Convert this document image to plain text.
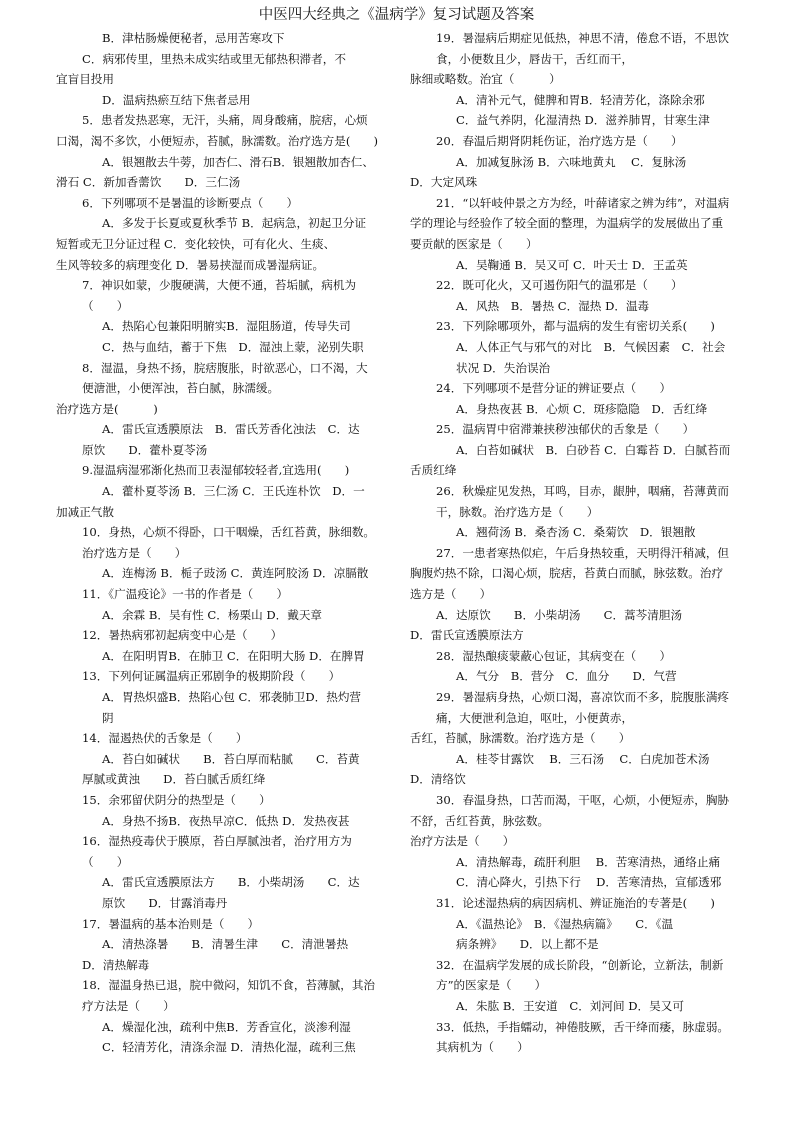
中医四大经典之《温病学》复习试题及答案
B．津枯肠燥便秘者，忌用苦寒攻下
C．病邪传里，里热未成实结或里无郁热积滞者，不
宜盲目投用
D．温病热瘀互结下焦者忌用
5．患者发热恶寒，无汗，头痛，周身酸痛，脘痞，心烦
口渴，渴不多饮，小便短赤，苔腻，脉濡数。治疗选方是(　　)
A．银翘散去牛蒡，加杏仁、滑石B．银翘散加杏仁、
滑石 C．新加香薷饮　　D．三仁汤
6．下列哪项不是暑温的诊断要点（　　）
A．多发于长夏或夏秋季节 B．起病急，初起卫分证
短暂或无卫分证过程 C．变化较快，可有化火、生痰、
生风等较多的病理变化 D．暑易挟湿而成暑湿病证。
7．神识如蒙，少腹硬满，大便不通，苔垢腻，病机为
（　　）
A．热陷心包兼阳明腑实B．湿阻肠道，传导失司
C．热与血结，蓄于下焦　D．湿浊上蒙，泌别失职
8．湿温，身热不扬，脘痞腹胀，时欲恶心，口不渴，大
便溏泄，小便浑浊，苔白腻，脉濡缓。
治疗选方是(　　　)
A．雷氏宣透膜原法　B．雷氏芳香化浊法　C．达
原饮　　D．藿朴夏苓汤
9.湿温病湿邪渐化热而卫表湿郁较轻者,宜选用(　　)
A．藿朴夏苓汤 B．三仁汤 C．王氏连朴饮　D．一
加减正气散
10．身热，心烦不得卧，口干咽燥，舌红苔黄，脉细数。
治疗选方是（　　）
A．连梅汤 B．栀子豉汤 C．黄连阿胶汤 D．凉膈散
11．《广温疫论》一书的作者是（　　）
A．余霖 B．吴有性 C．杨栗山 D．戴天章
12．暑热病邪初起病变中心是（　　）
A．在阳明胃B．在肺卫 C．在阳明大肠 D．在脾胃
13．下列何证属温病正邪剧争的极期阶段（　　）
A．胃热炽盛B．热陷心包 C．邪袭肺卫D．热灼营
阴
14．湿遏热伏的舌象是（　　）
A．苔白如碱状　　B．苔白厚而粘腻　　C．苔黄
厚腻或黄浊　　D．苔白腻舌质红绛
15．余邪留伏阴分的热型是（　　）
A．身热不扬B．夜热早凉C．低热 D．发热夜甚
16．湿热疫毒伏于膜原，苔白厚腻浊者，治疗用方为
（　　）
A．雷氏宣透膜原法方　　B．小柴胡汤　　C．达
原饮　　D．甘露消毒丹
17．暑温病的基本治则是（　　）
A．清热涤暑　　B．清暑生津　　C．清泄暑热
D．清热解毒
18．湿温身热已退，脘中微闷，知饥不食，苔薄腻，其治
疗方法是（　　）
A．燥湿化浊，疏利中焦B．芳香宣化，淡渗利湿
C．轻清芳化，清涤余湿 D．清热化湿，疏利三焦
19．暑湿病后期症见低热，神思不清，倦怠不语，不思饮
食，小便数且少，唇齿干，舌红而干，
脉细或略数。治宜（　　　）
A．清补元气，健脾和胃B．轻清芳化，涤除余邪
C．益气养阴，化湿清热 D．滋养肺胃，甘寒生津
20．春温后期肾阴耗伤证，治疗选方是（　　）
A．加减复脉汤 B．六味地黄丸　 C．复脉汤
D．大定风珠
21．“以轩岐仲景之方为经，叶薛诸家之辨为纬”，对温病
学的理论与经验作了较全面的整理，为温病学的发展做出了重
要贡献的医家是（　　）
A．吴鞠通 B．吴又可 C．叶天士 D．王孟英
22．既可化火，又可遏伤阳气的温邪是（　　）
A．风热　B．暑热 C．湿热 D．温毒
23．下列除哪项外，都与温病的发生有密切关系(　　)
A．人体正气与邪气的对比　B．气候因素　C．社会
状况 D．失治误治
24．下列哪项不是营分证的辨证要点（　　）
A．身热夜甚 B．心烦 C．斑疹隐隐　D．舌红绛
25．温病胃中宿滞兼挟秽浊郁伏的舌象是（　　）
A．白苔如碱状　B．白砂苔 C．白霉苔 D．白腻苔而
舌质红绛
26．秋燥症见发热，耳鸣，目赤，龈肿，咽痛，苔薄黄而
干，脉数。治疗选方是（　　）
A．翘荷汤 B．桑杏汤 C．桑菊饮　D．银翘散
27．一患者寒热似疟，午后身热较重，天明得汗稍减，但
胸腹灼热不除，口渴心烦，脘痞，苔黄白而腻，脉弦数。治疗
选方是（　　）
A．达原饮　　B．小柴胡汤　　C．蒿芩清胆汤
D．雷氏宣透膜原法方
28．湿热酿痰蒙蔽心包证，其病变在（　　）
A．气分　B．营分　C．血分　　D．气营
29．暑湿病身热，心烦口渴，喜凉饮而不多，脘腹胀满疼
痛，大便泄利急迫，呕吐，小便黄赤，
舌红，苔腻，脉濡数。治疗选方是（　　）
A．桂苓甘露饮　 B．三石汤　 C．白虎加苍术汤
D．清络饮
30．春温身热，口苦而渴，干呕，心烦，小便短赤，胸胁
不舒，舌红苔黄，脉弦数。
治疗方法是（　　）
A．清热解毒，疏肝利胆　 B．苦寒清热，通络止痛
C．清心降火，引热下行　 D．苦寒清热，宣郁透邪
31．论述湿热病的病因病机、辨证施治的专著是(　　)
A．《温热论》　B．《湿热病篇》　　C．《温
病条辨》　　D．以上都不是
32．在温病学发展的成长阶段，“创新论，立新法，制新
方”的医家是（　　）
A．朱肱 B．王安道　C．刘河间 D．吴又可
33．低热，手指蠕动，神倦肢厥，舌干绛而痿，脉虚弱。
其病机为（　　）
